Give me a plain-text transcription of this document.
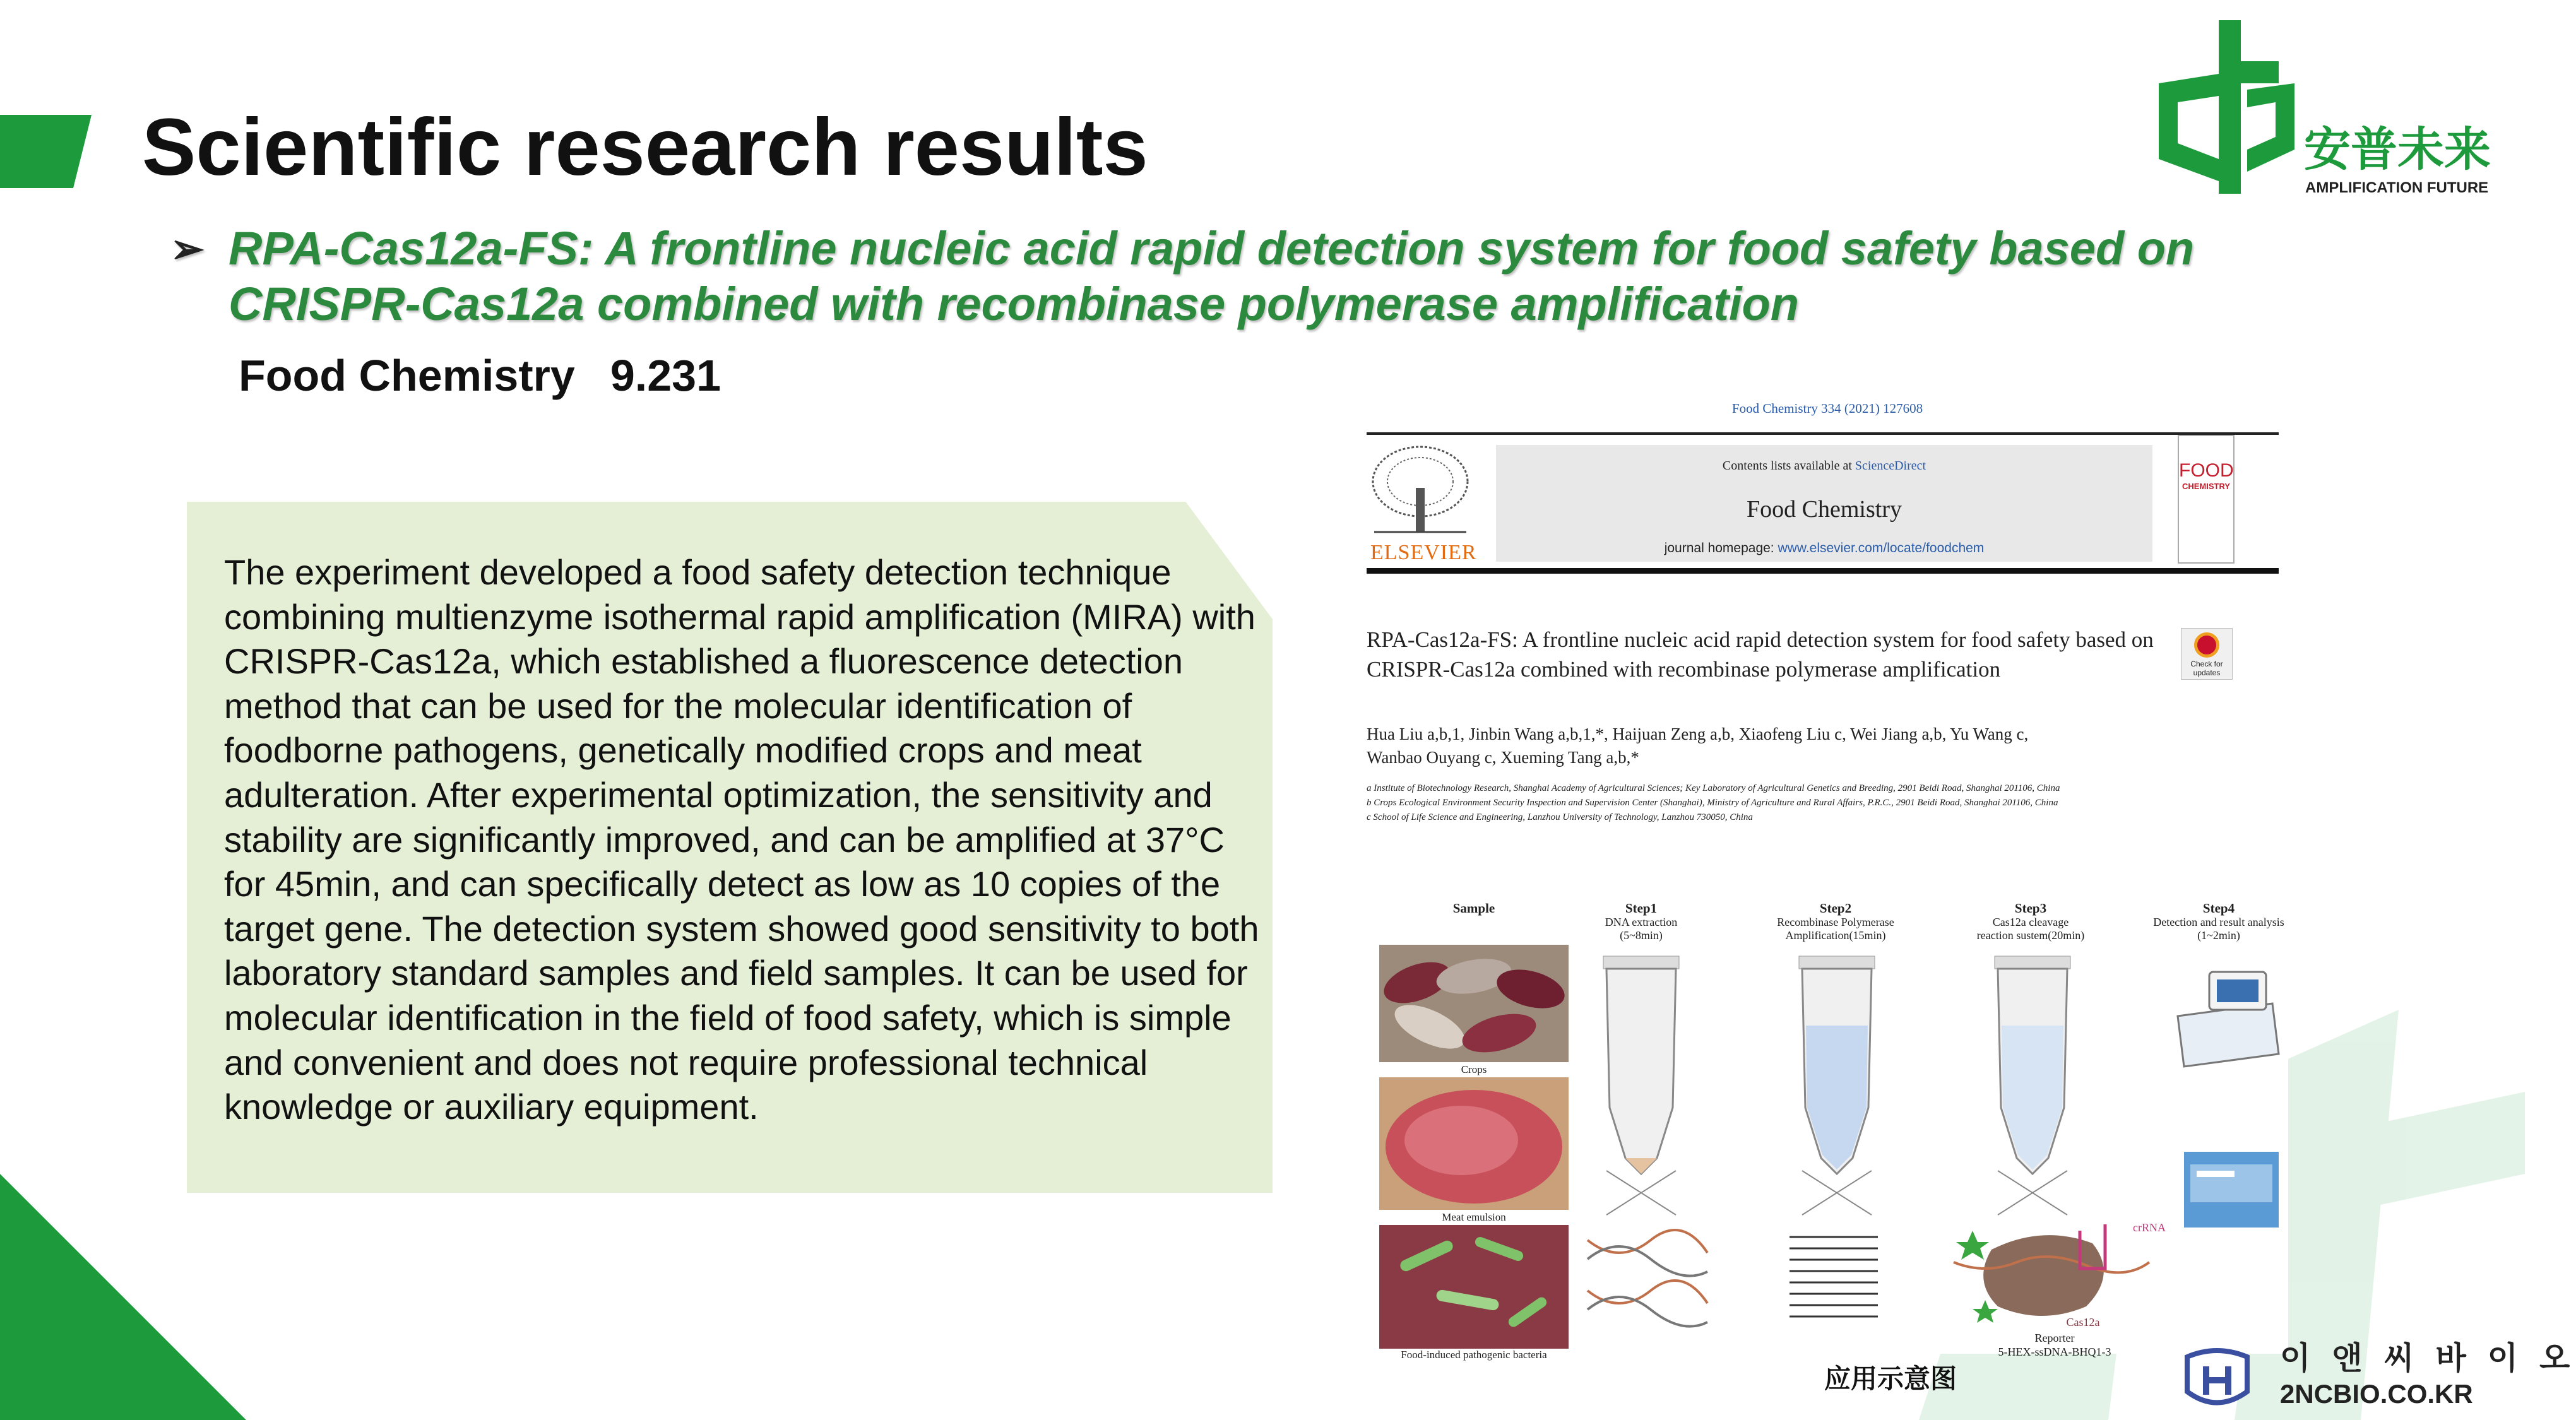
Scientific research results
➢ RPA-Cas12a-FS: A frontline nucleic acid rapid detection system for food safety based on
CRISPR-Cas12a combined with recombinase polymerase amplification
Food Chemistry 9.231
The experiment developed a food safety detection technique combining multienzyme isothermal rapid amplification (MIRA) with CRISPR-Cas12a, which established a fluorescence detection method that can be used for the molecular identification of foodborne pathogens, genetically modified crops and meat adulteration. After experimental optimization, the sensitivity and stability are significantly improved, and can be amplified at 37°C for 45min, and can specifically detect as low as 10 copies of the target gene. The detection system showed good sensitivity to both laboratory standard samples and field samples. It can be used for molecular identification in the field of food safety, which is simple and convenient and does not require professional technical knowledge or auxiliary equipment.
安普未来
AMPLIFICATION FUTURE
Food Chemistry 334 (2021) 127608
ELSEVIER
Contents lists available at ScienceDirect
Food Chemistry
journal homepage: www.elsevier.com/locate/foodchem
FOOD
CHEMISTRY
RPA-Cas12a-FS: A frontline nucleic acid rapid detection system for food safety based on CRISPR-Cas12a combined with recombinase polymerase amplification	Check for updates
Hua Liu a,b,1, Jinbin Wang a,b,1,*, Haijuan Zeng a,b, Xiaofeng Liu c, Wei Jiang a,b, Yu Wang c,
Wanbao Ouyang c, Xueming Tang a,b,*
a Institute of Biotechnology Research, Shanghai Academy of Agricultural Sciences; Key Laboratory of Agricultural Genetics and Breeding, 2901 Beidi Road, Shanghai 201106, China
b Crops Ecological Environment Security Inspection and Supervision Center (Shanghai), Ministry of Agriculture and Rural Affairs, P.R.C., 2901 Beidi Road, Shanghai 201106, China
c School of Life Science and Engineering, Lanzhou University of Technology, Lanzhou 730050, China
Sample	Step1	Step2	Step3	Step4
DNA extraction
(5~8min)
Recombinase Polymerase
Amplification(15min)
Cas12a cleavage
reaction sustem(20min)
Detection and result analysis
(1~2min)
Crops
Meat emulsion
Food-induced pathogenic bacteria
crRNA
Cas12a
Reporter
5-HEX-ssDNA-BHQ1-3
应用示意图
이 앤 씨 바 이 오
2NCBIO.CO.KR
